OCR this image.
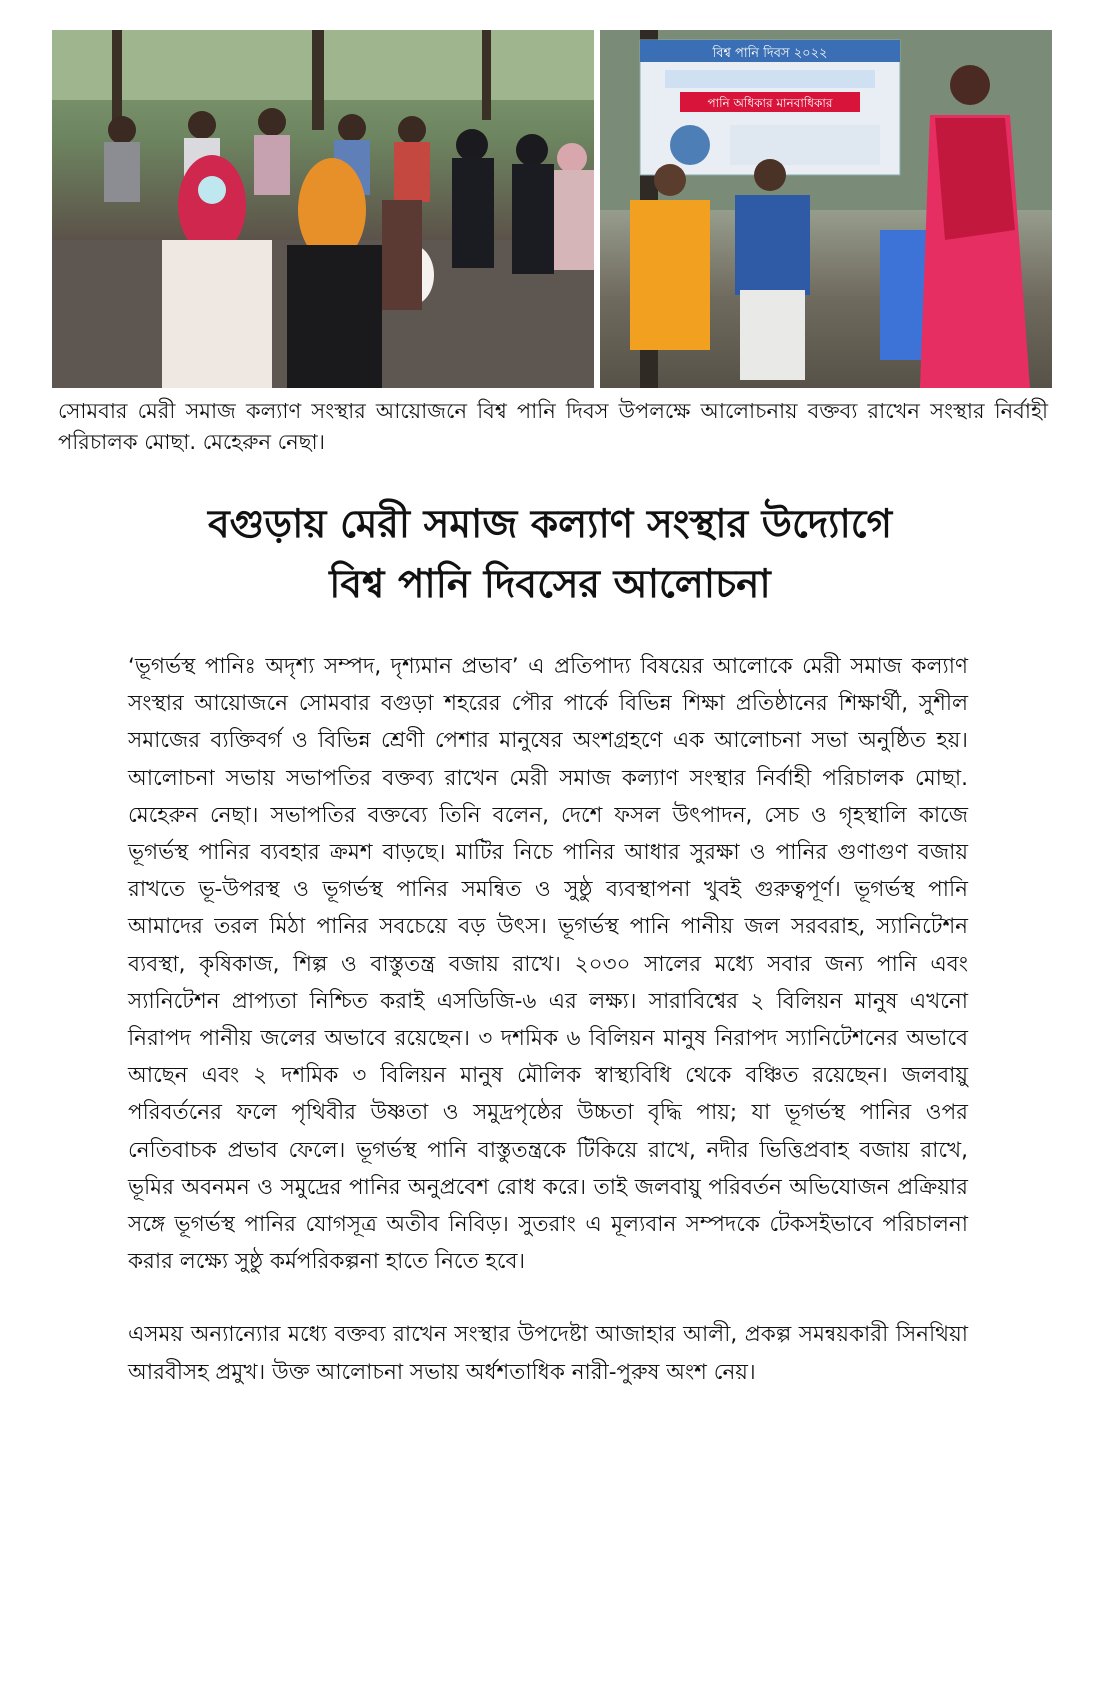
বিশ্ব পানি দিবস ২০২২
পানি অধিকার মানবাধিকার
সোমবার মেরী সমাজ কল্যাণ সংস্থার আয়োজনে বিশ্ব পানি দিবস উপলক্ষে আলোচনায় বক্তব্য রাখেন সংস্থার নির্বাহী পরিচালক মোছা. মেহেরুন নেছা।
বগুড়ায় মেরী সমাজ কল্যাণ সংস্থার উদ্যোগে
বিশ্ব পানি দিবসের আলোচনা

‘ভূগর্ভস্থ পানিঃ অদৃশ্য সম্পদ, দৃশ্যমান প্রভাব’ এ প্রতিপাদ্য বিষয়ের আলোকে মেরী সমাজ কল্যাণ সংস্থার আয়োজনে সোমবার বগুড়া শহরের পৌর পার্কে বিভিন্ন শিক্ষা প্রতিষ্ঠানের শিক্ষার্থী, সুশীল সমাজের ব্যক্তিবর্গ ও বিভিন্ন শ্রেণী পেশার মানুষের অংশগ্রহণে এক আলোচনা সভা অনুষ্ঠিত হয়। আলোচনা সভায় সভাপতির বক্তব্য রাখেন মেরী সমাজ কল্যাণ সংস্থার নির্বাহী পরিচালক মোছা. মেহেরুন নেছা। সভাপতির বক্তব্যে তিনি বলেন, দেশে ফসল উৎপাদন, সেচ ও গৃহস্থালি কাজে ভূগর্ভস্থ পানির ব্যবহার ক্রমশ বাড়ছে। মাটির নিচে পানির আধার সুরক্ষা ও পানির গুণাগুণ বজায় রাখতে ভূ-উপরস্থ ও ভূগর্ভস্থ পানির সমন্বিত ও সুষ্ঠু ব্যবস্থাপনা খুবই গুরুত্বপূর্ণ। ভূগর্ভস্থ পানি আমাদের তরল মিঠা পানির সবচেয়ে বড় উৎস। ভূগর্ভস্থ পানি পানীয় জল সরবরাহ, স্যানিটেশন ব্যবস্থা, কৃষিকাজ, শিল্প ও বাস্তুতন্ত্র বজায় রাখে। ২০৩০ সালের মধ্যে সবার জন্য পানি এবং স্যানিটেশন প্রাপ্যতা নিশ্চিত করাই এসডিজি-৬ এর লক্ষ্য। সারাবিশ্বের ২ বিলিয়ন মানুষ এখনো নিরাপদ পানীয় জলের অভাবে রয়েছেন। ৩ দশমিক ৬ বিলিয়ন মানুষ নিরাপদ স্যানিটেশনের অভাবে আছেন এবং ২ দশমিক ৩ বিলিয়ন মানুষ মৌলিক স্বাস্থ্যবিধি থেকে বঞ্চিত রয়েছেন। জলবায়ু পরিবর্তনের ফলে পৃথিবীর উষ্ণতা ও সমুদ্রপৃষ্ঠের উচ্চতা বৃদ্ধি পায়; যা ভূগর্ভস্থ পানির ওপর নেতিবাচক প্রভাব ফেলে। ভূগর্ভস্থ পানি বাস্তুতন্ত্রকে টিকিয়ে রাখে, নদীর ভিত্তিপ্রবাহ বজায় রাখে, ভূমির অবনমন ও সমুদ্রের পানির অনুপ্রবেশ রোধ করে। তাই জলবায়ু পরিবর্তন অভিযোজন প্রক্রিয়ার সঙ্গে ভূগর্ভস্থ পানির যোগসূত্র অতীব নিবিড়। সুতরাং এ মূল্যবান সম্পদকে টেকসইভাবে পরিচালনা করার লক্ষ্যে সুষ্ঠু কর্মপরিকল্পনা হাতে নিতে হবে।

এসময় অন্যান্যোর মধ্যে বক্তব্য রাখেন সংস্থার উপদেষ্টা আজাহার আলী, প্রকল্প সমন্বয়কারী সিনথিয়া আরবীসহ প্রমুখ। উক্ত আলোচনা সভায় অর্ধশতাধিক নারী-পুরুষ অংশ নেয়।
